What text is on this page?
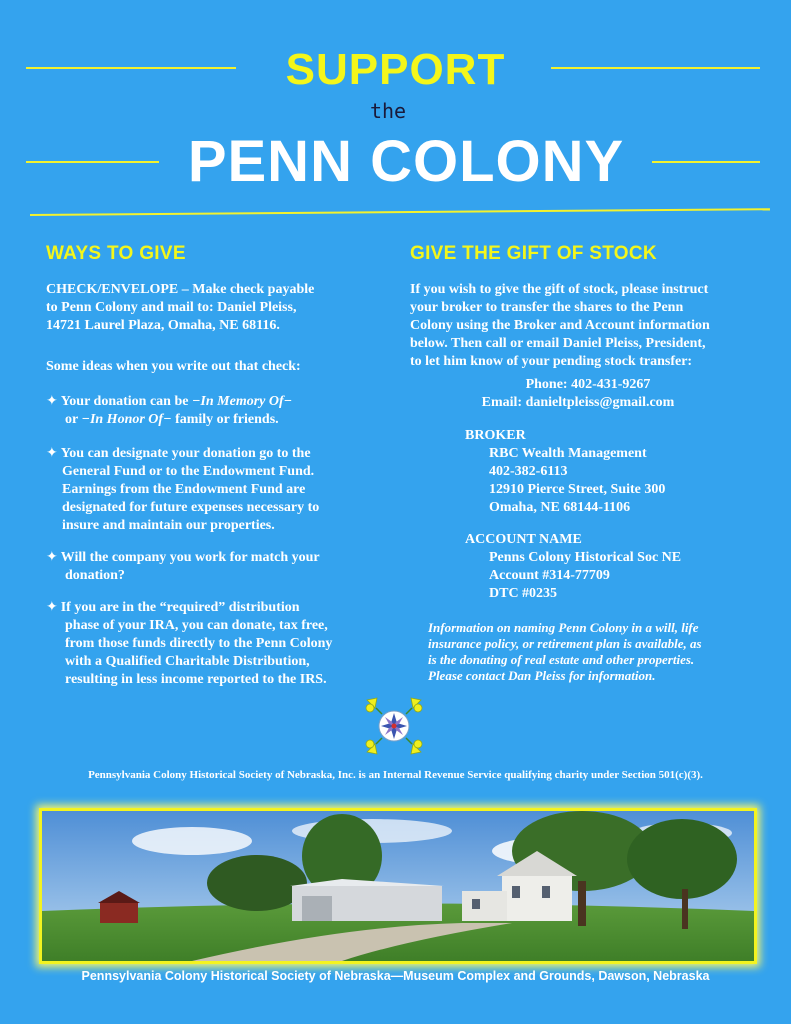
SUPPORT
the
PENN COLONY
WAYS TO GIVE

CHECK/ENVELOPE – Make check payable

to Penn Colony and mail to: Daniel Pleiss,

14721 Laurel Plaza, Omaha, NE 68116.

Some ideas when you write out that check:
✦ Your donation can be −In Memory Of−
or −In Honor Of− family or friends.
✦ You can designate your donation go to the
General Fund or to the Endowment Fund.
Earnings from the Endowment Fund are
designated for future expenses necessary to
insure and maintain our properties.
✦ Will the company you work for match your
donation?
✦ If you are in the “required” distribution
phase of your IRA, you can donate, tax free,
from those funds directly to the Penn Colony
with a Qualified Charitable Distribution,
resulting in less income reported to the IRS.
GIVE THE GIFT OF STOCK

If you wish to give the gift of stock, please instruct

your broker to transfer the shares to the Penn

Colony using the Broker and Account information

below. Then call or email Daniel Pleiss, President,

to let him know of your pending stock transfer:

Phone: 402-431-9267
Email: danieltpleiss@gmail.com
BROKER

RBC Wealth Management

402-382-6113

12910 Pierce Street, Suite 300

Omaha, NE 68144-1106

ACCOUNT NAME

Penns Colony Historical Soc NE

Account #314-77709

DTC #0235

Information on naming Penn Colony in a will, life
insurance policy, or retirement plan is available, as
is the donating of real estate and other properties.
Please contact Dan Pleiss for information.
Pennsylvania Colony Historical Society of Nebraska, Inc. is an Internal Revenue Service qualifying charity under Section 501(c)(3).
Pennsylvania Colony Historical Society of Nebraska—Museum Complex and Grounds, Dawson, Nebraska
